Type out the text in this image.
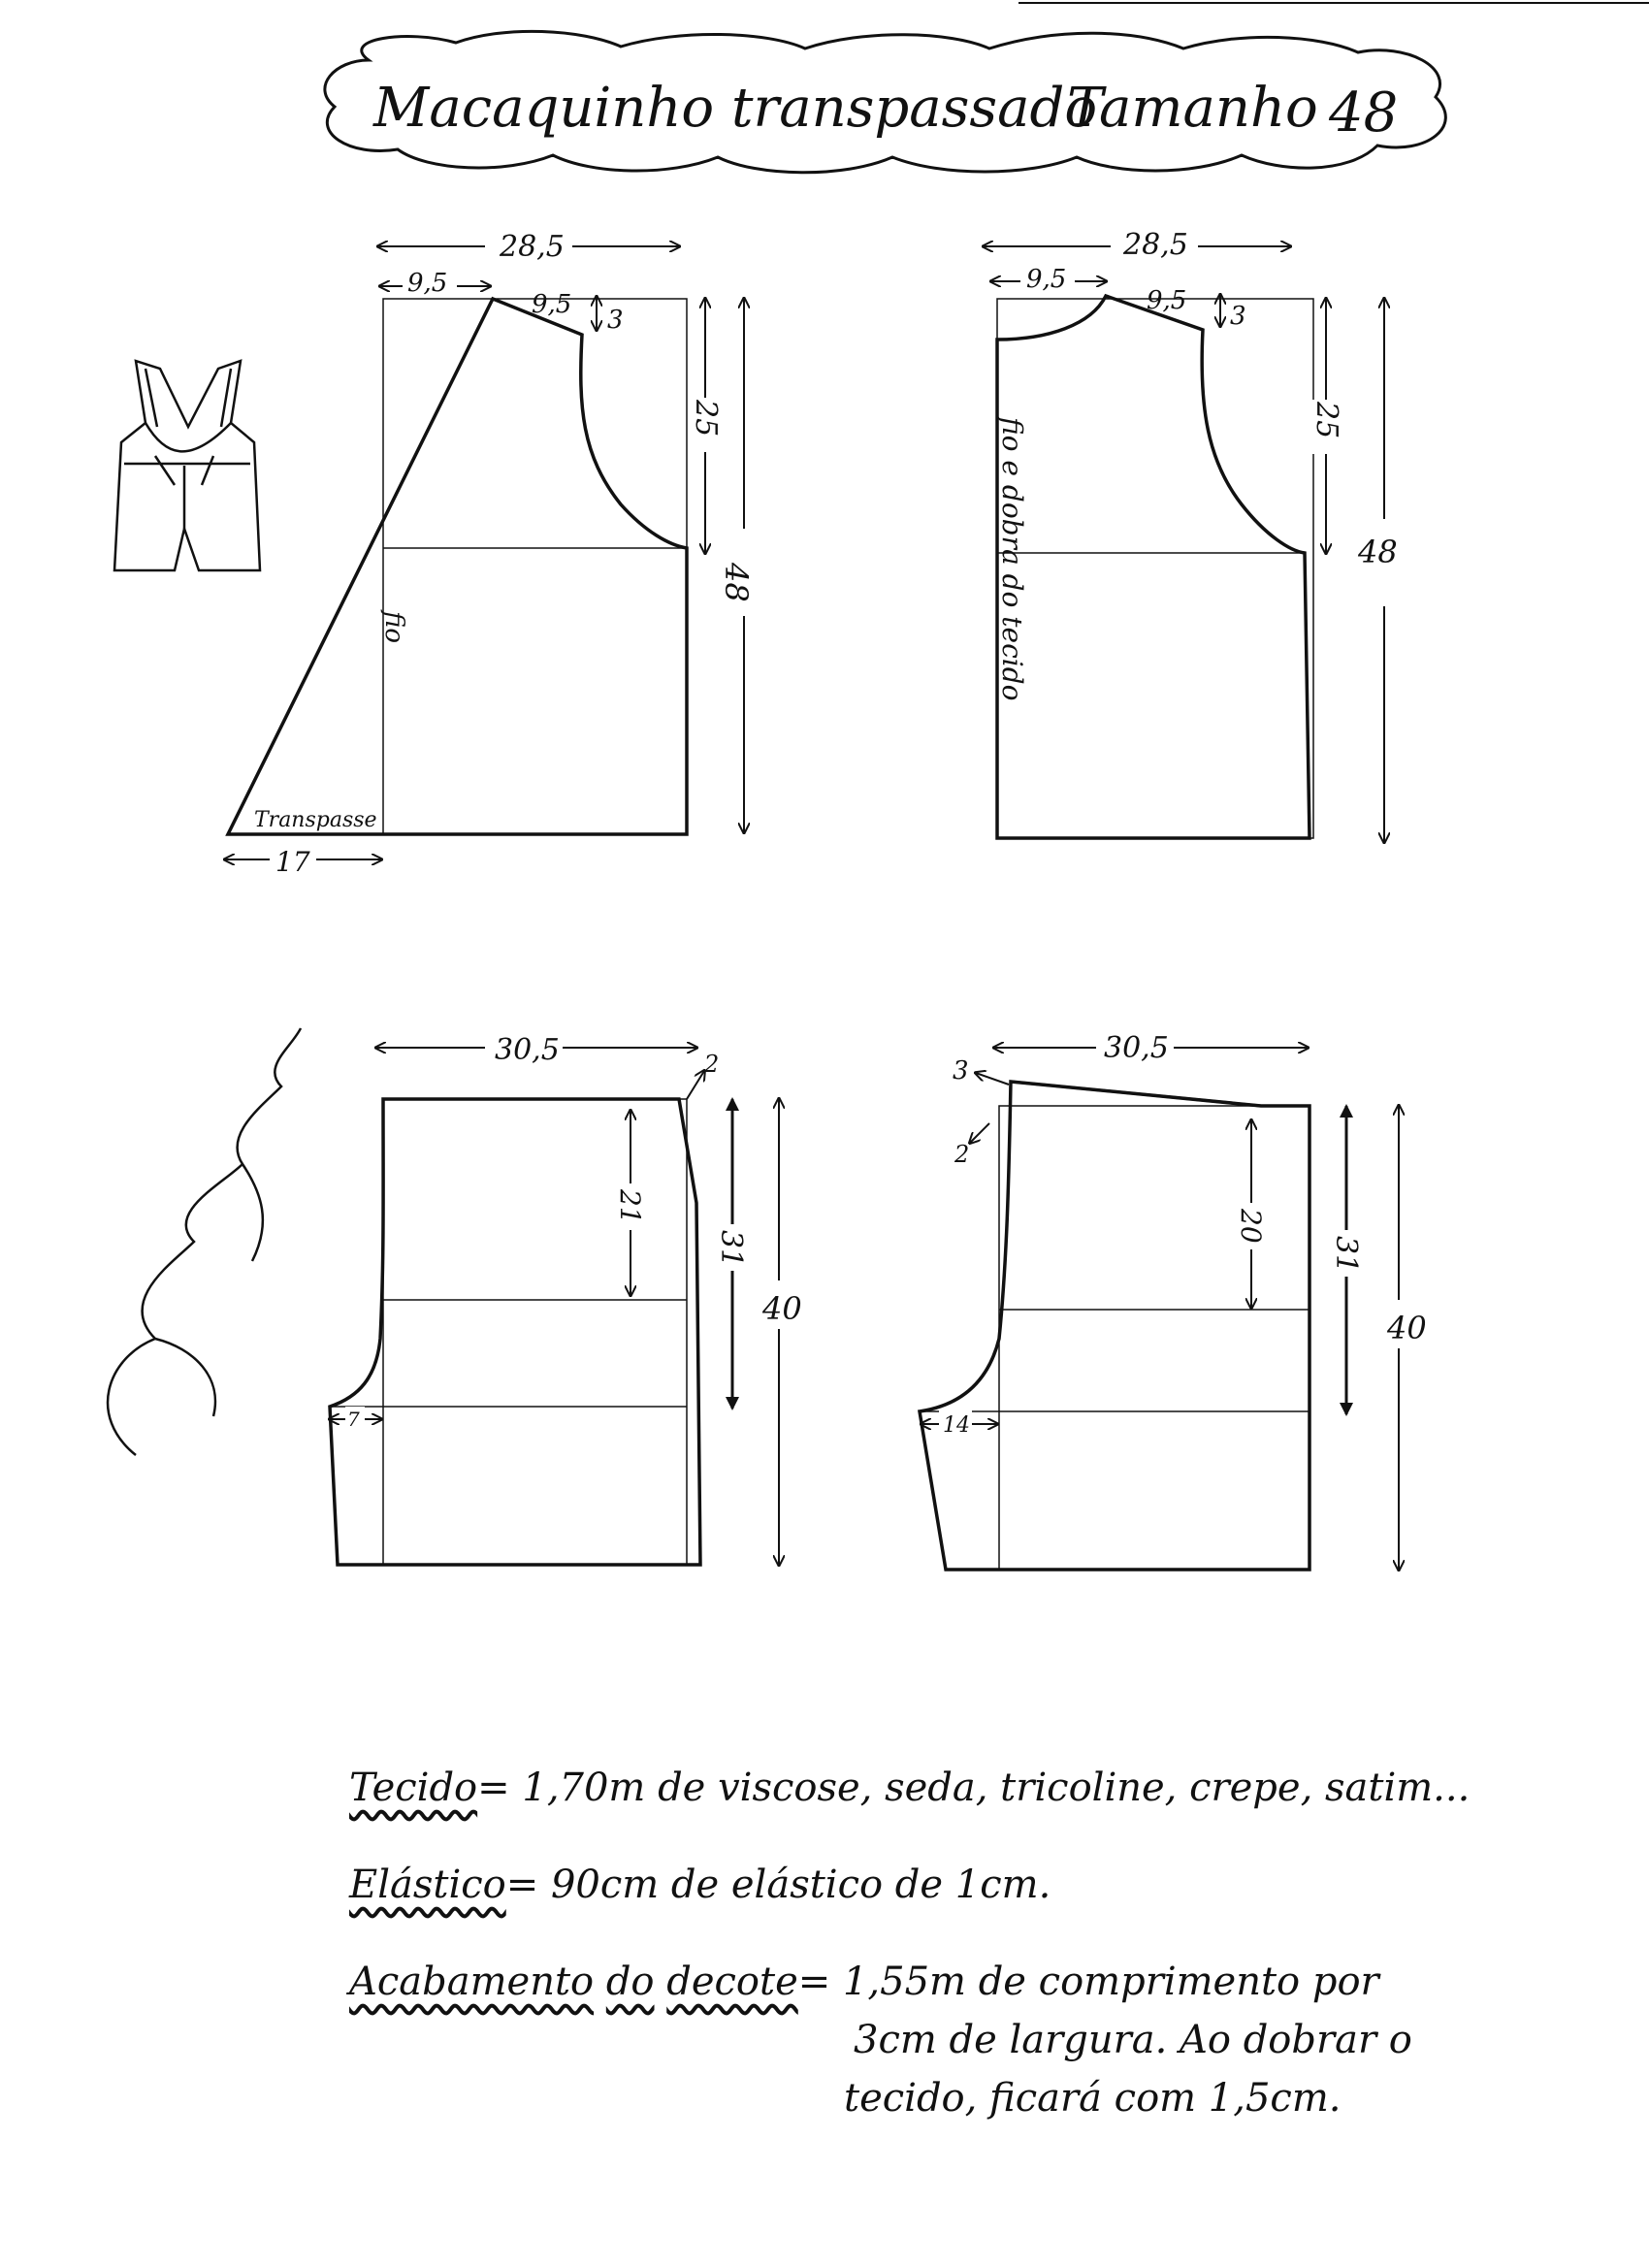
Macaquinho transpassado
Tamanho 48
28,5
9,5
9,5
3
25
48
fio
Transpasse
17
28,5
9,5
9,5
3
25
48
fio e dobra do tecido
30,5	2
21
31
40
7
30,5
3
2
20
31
40
14
Tecido= 1,70m de viscose, seda, tricoline, crepe, satim...
Elástico= 90cm de elástico de 1cm.
Acabamento do decote= 1,55m de comprimento por
3cm de largura. Ao dobrar o
tecido, ficará com 1,5cm.
